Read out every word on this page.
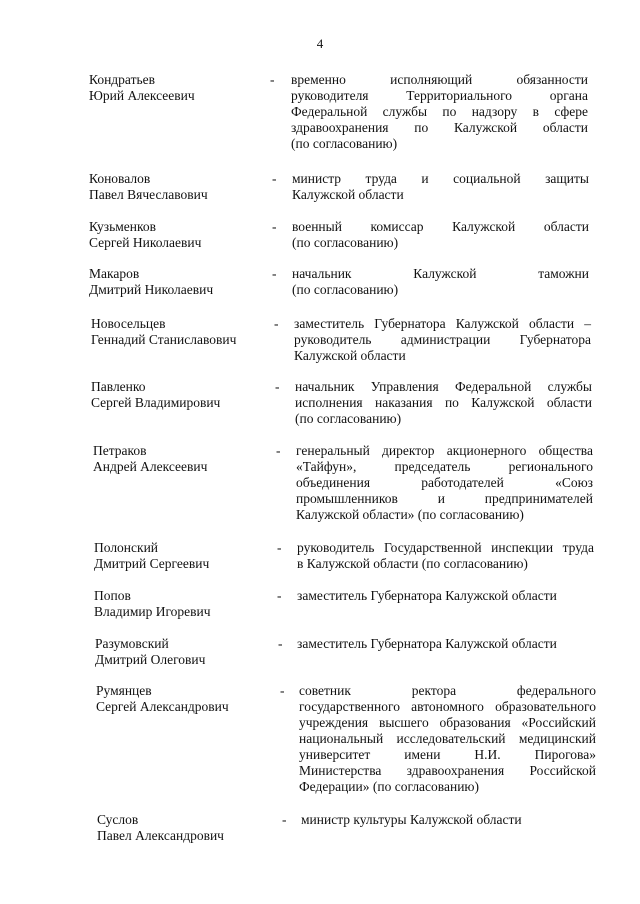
4
Кондратьев
Юрий Алексеевич
- временно исполняющий обязанности
руководителя Территориального органа
Федеральной службы по надзору в сфере
здравоохранения по Калужской области
(по согласованию)
Коновалов
Павел Вячеславович
- министр труда и социальной защиты
Калужской области
Кузьменков
Сергей Николаевич
- военный комиссар Калужской области
(по согласованию)
Макаров
Дмитрий Николаевич
- начальник Калужской таможни
(по согласованию)
Новосельцев
Геннадий Станиславович
- заместитель Губернатора Калужской области –
руководитель администрации Губернатора
Калужской области
Павленко
Сергей Владимирович
- начальник Управления Федеральной службы
исполнения наказания по Калужской области
(по согласованию)
Петраков
Андрей Алексеевич
- генеральный директор акционерного общества
«Тайфун», председатель регионального
объединения работодателей «Союз
промышленников и предпринимателей
Калужской области» (по согласованию)
Полонский
Дмитрий Сергеевич
- руководитель Государственной инспекции труда
в Калужской области (по согласованию)
Попов
Владимир Игоревич
- заместитель Губернатора Калужской области
Разумовский
Дмитрий Олегович
- заместитель Губернатора Калужской области
Румянцев
Сергей Александрович
- советник ректора федерального
государственного автономного образовательного
учреждения высшего образования «Российский
национальный исследовательский медицинский
университет имени Н.И. Пирогова»
Министерства здравоохранения Российской
Федерации» (по согласованию)
Суслов
Павел Александрович
- министр культуры Калужской области
